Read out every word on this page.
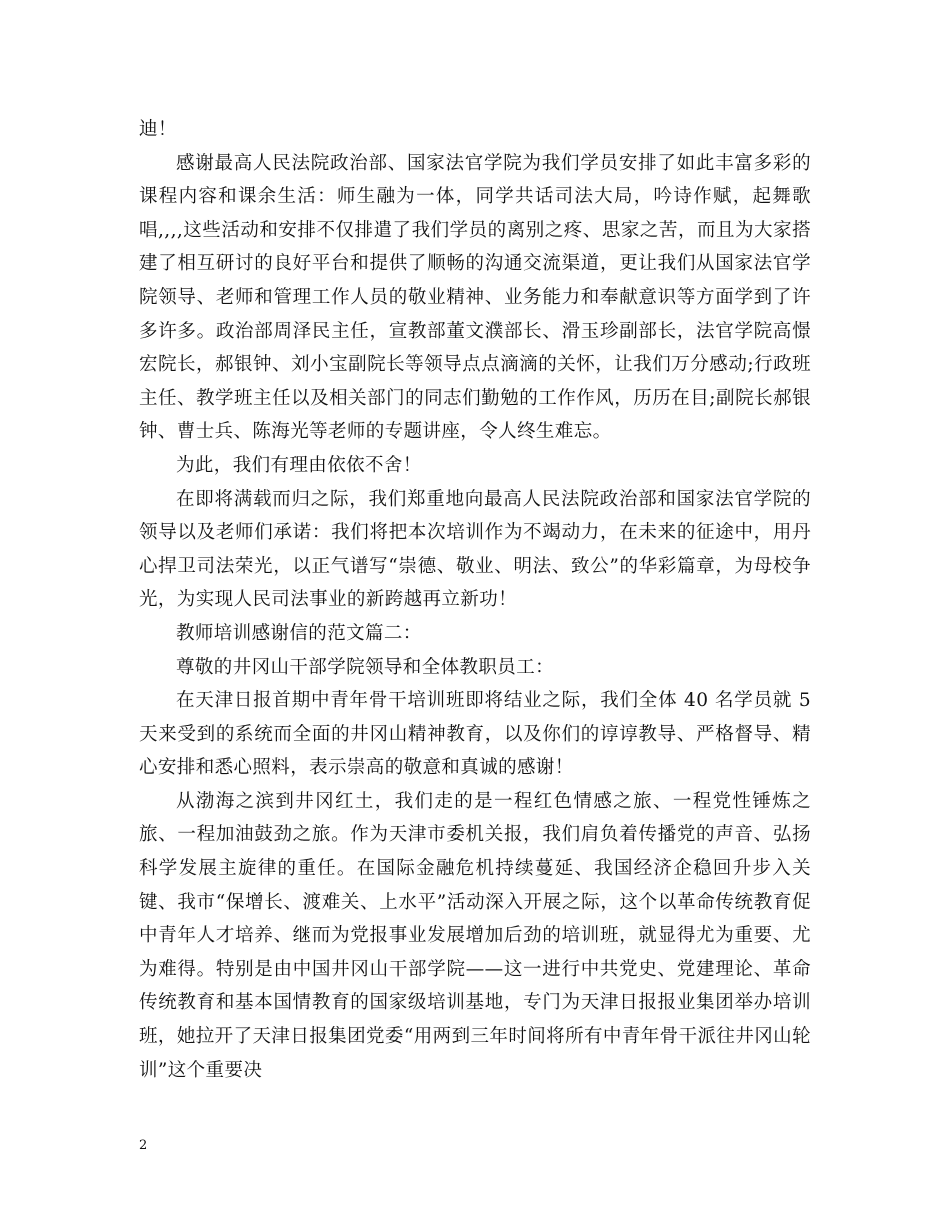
迪！

感谢最高人民法院政治部、国家法官学院为我们学员安排了如此丰富多彩的课程内容和课余生活：师生融为一体，同学共话司法大局，吟诗作赋，起舞歌唱,,,,这些活动和安排不仅排遣了我们学员的离别之疼、思家之苦，而且为大家搭建了相互研讨的良好平台和提供了顺畅的沟通交流渠道，更让我们从国家法官学院领导、老师和管理工作人员的敬业精神、业务能力和奉献意识等方面学到了许多许多。政治部周泽民主任，宣教部董文濮部长、滑玉珍副部长，法官学院高憬宏院长，郝银钟、刘小宝副院长等领导点点滴滴的关怀，让我们万分感动;行政班主任、教学班主任以及相关部门的同志们勤勉的工作作风，历历在目;副院长郝银钟、曹士兵、陈海光等老师的专题讲座，令人终生难忘。

为此，我们有理由依依不舍！

在即将满载而归之际，我们郑重地向最高人民法院政治部和国家法官学院的领导以及老师们承诺：我们将把本次培训作为不竭动力，在未来的征途中，用丹心捍卫司法荣光，以正气谱写“崇德、敬业、明法、致公”的华彩篇章，为母校争光，为实现人民司法事业的新跨越再立新功！

教师培训感谢信的范文篇二：

尊敬的井冈山干部学院领导和全体教职员工：

在天津日报首期中青年骨干培训班即将结业之际，我们全体 40 名学员就 5 天来受到的系统而全面的井冈山精神教育，以及你们的谆谆教导、严格督导、精心安排和悉心照料，表示崇高的敬意和真诚的感谢！

从渤海之滨到井冈红土，我们走的是一程红色情感之旅、一程党性锤炼之旅、一程加油鼓劲之旅。作为天津市委机关报，我们肩负着传播党的声音、弘扬科学发展主旋律的重任。在国际金融危机持续蔓延、我国经济企稳回升步入关键、我市“保增长、渡难关、上水平”活动深入开展之际，这个以革命传统教育促中青年人才培养、继而为党报事业发展增加后劲的培训班，就显得尤为重要、尤为难得。特别是由中国井冈山干部学院——这一进行中共党史、党建理论、革命传统教育和基本国情教育的国家级培训基地，专门为天津日报报业集团举办培训班，她拉开了天津日报集团党委“用两到三年时间将所有中青年骨干派往井冈山轮训”这个重要决

2
